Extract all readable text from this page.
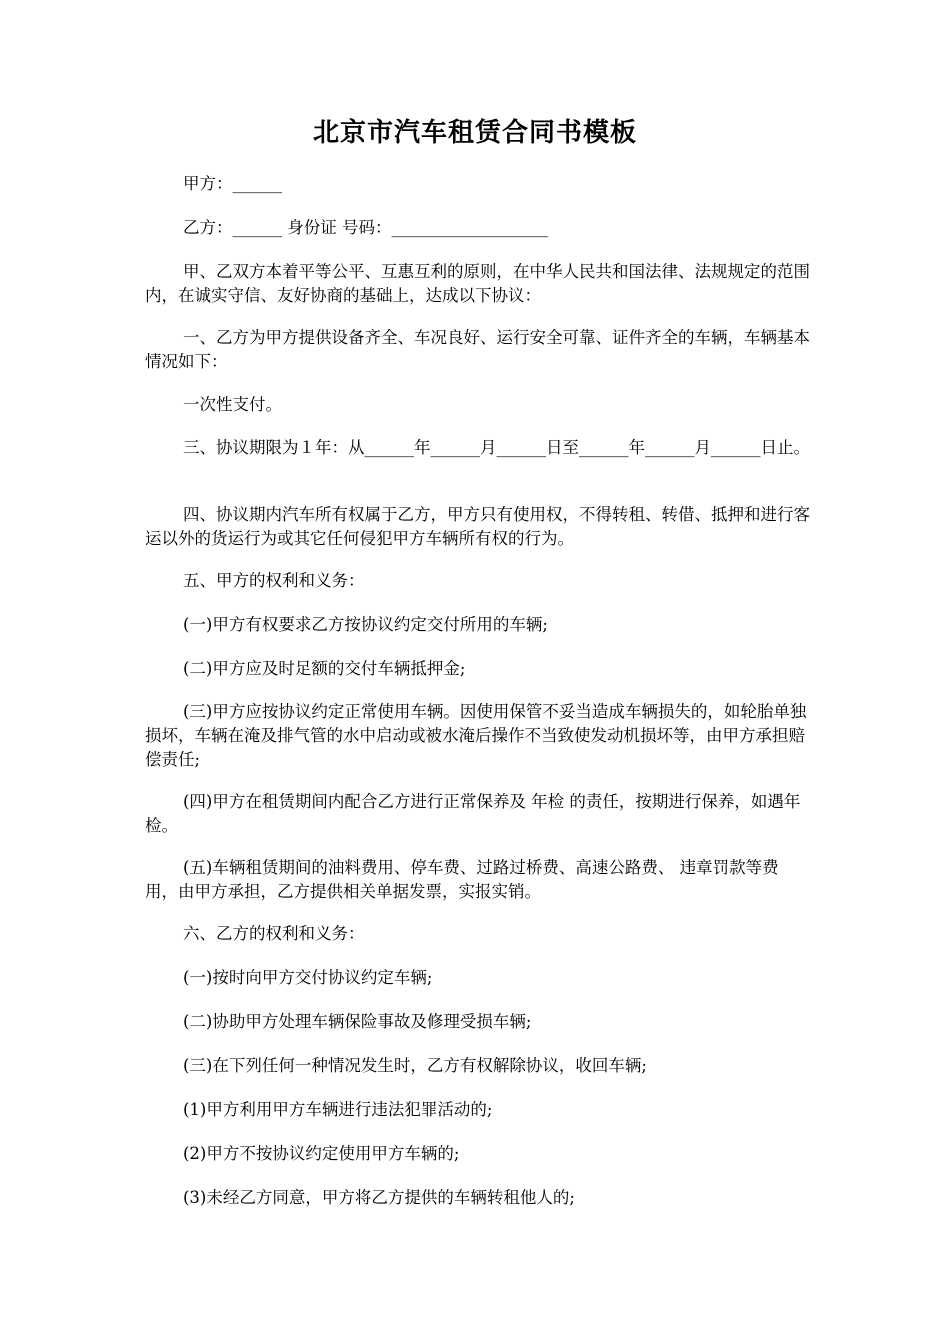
北京市汽车租赁合同书模板
甲方：______
乙方：______ 身份证 号码：___________________
甲、乙双方本着平等公平、互惠互利的原则，在中华人民共和国法律、法规规定的范围内，在诚实守信、友好协商的基础上，达成以下协议：
一、乙方为甲方提供设备齐全、车况良好、运行安全可靠、证件齐全的车辆，车辆基本情况如下：
一次性支付。
三、协议期限为１年：从______年______月______日至______年______月______日止。
四、协议期内汽车所有权属于乙方，甲方只有使用权，不得转租、转借、抵押和进行客运以外的货运行为或其它任何侵犯甲方车辆所有权的行为。
五、甲方的权利和义务：
(一)甲方有权要求乙方按协议约定交付所用的车辆;
(二)甲方应及时足额的交付车辆抵押金;
(三)甲方应按协议约定正常使用车辆。因使用保管不妥当造成车辆损失的，如轮胎单独损坏，车辆在淹及排气管的水中启动或被水淹后操作不当致使发动机损坏等，由甲方承担赔偿责任;
(四)甲方在租赁期间内配合乙方进行正常保养及 年检 的责任，按期进行保养，如遇年检。
(五)车辆租赁期间的油料费用、停车费、过路过桥费、高速公路费、 违章罚款等费用，由甲方承担，乙方提供相关单据发票，实报实销。
六、乙方的权利和义务：
(一)按时向甲方交付协议约定车辆;
(二)协助甲方处理车辆保险事故及修理受损车辆;
(三)在下列任何一种情况发生时，乙方有权解除协议，收回车辆;
(1)甲方利用甲方车辆进行违法犯罪活动的;
(2)甲方不按协议约定使用甲方车辆的;
(3)未经乙方同意，甲方将乙方提供的车辆转租他人的;
